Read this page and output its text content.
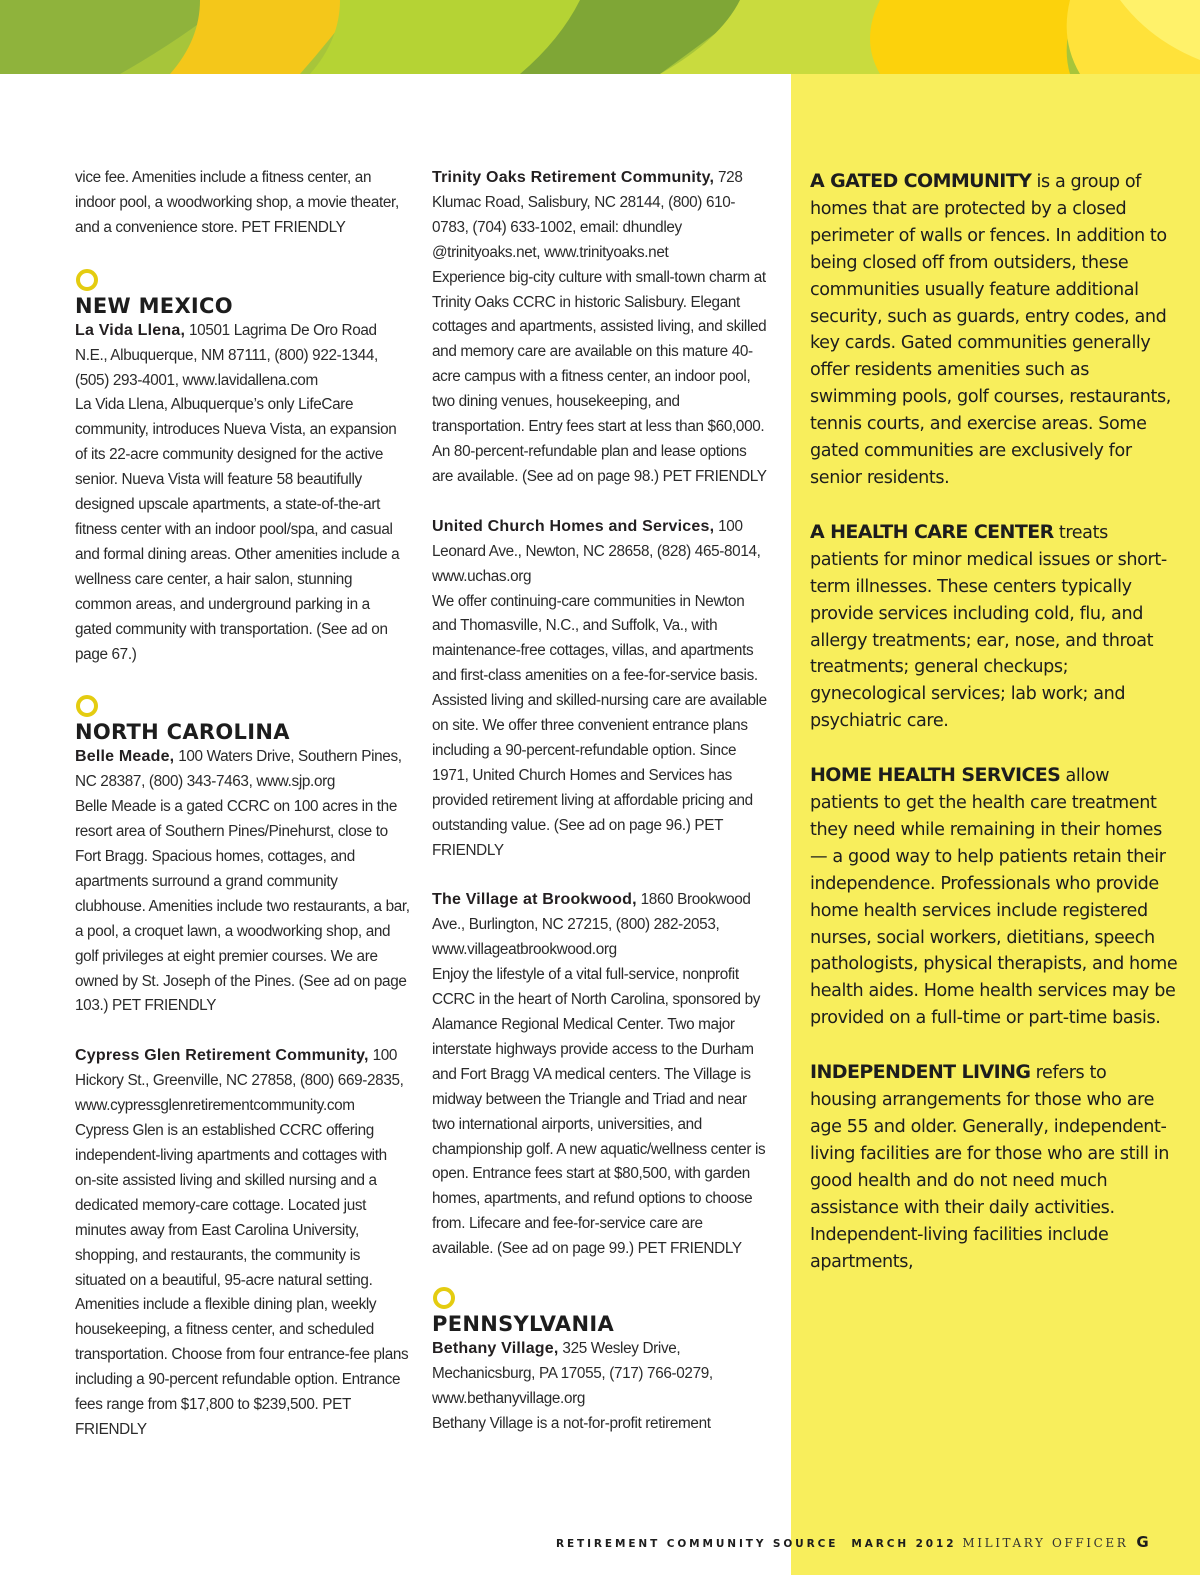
vice fee. Amenities include a fitness center, an indoor pool, a woodworking shop, a movie theater, and a convenience store. PET FRIENDLY

NEW MEXICO

La Vida Llena, 10501 Lagrima De Oro Road N.E., Albuquerque, NM 87111, (800) 922-1344, (505) 293-4001, www.lavidallena.com

La Vida Llena, Albuquerque’s only LifeCare community, introduces Nueva Vista, an expansion of its 22-acre community designed for the active senior. Nueva Vista will feature 58 beautifully designed upscale apartments, a state-of-the-art fitness center with an indoor pool/spa, and casual and formal dining areas. Other amenities include a wellness care center, a hair salon, stunning common areas, and underground parking in a gated community with transportation. (See ad on page 67.)

NORTH CAROLINA

Belle Meade, 100 Waters Drive, Southern Pines, NC 28387, (800) 343-7463, www.sjp.org

Belle Meade is a gated CCRC on 100 acres in the resort area of Southern Pines/Pinehurst, close to Fort Bragg. Spacious homes, cottages, and apartments surround a grand community clubhouse. Amenities include two restaurants, a bar, a pool, a croquet lawn, a woodworking shop, and golf privileges at eight premier courses. We are owned by St. Joseph of the Pines. (See ad on page 103.) PET FRIENDLY

Cypress Glen Retirement Community, 100 Hickory St., Greenville, NC 27858, (800) 669-2835, www.cypressglenretirementcommunity.com

Cypress Glen is an established CCRC offering independent-living apartments and cottages with on-site assisted living and skilled nursing and a dedicated memory-care cottage. Located just minutes away from East Carolina University, shopping, and restaurants, the community is situated on a beautiful, 95-acre natural setting. Amenities include a flexible dining plan, weekly housekeeping, a fitness center, and scheduled transportation. Choose from four entrance-fee plans including a 90-percent refundable option. Entrance fees range from $17,800 to $239,500. PET FRIENDLY

Trinity Oaks Retirement Community, 728 Klumac Road, Salisbury, NC 28144, (800) 610-0783, (704) 633-1002, email: dhundley @trinityoaks.net, www.trinityoaks.net

Experience big-city culture with small-town charm at Trinity Oaks CCRC in historic Salisbury. Elegant cottages and apartments, assisted living, and skilled and memory care are available on this mature 40-acre campus with a fitness center, an indoor pool, two dining venues, housekeeping, and transportation. Entry fees start at less than $60,000. An 80-percent-refundable plan and lease options are available. (See ad on page 98.) PET FRIENDLY

United Church Homes and Services, 100 Leonard Ave., Newton, NC 28658, (828) 465-8014, www.uchas.org

We offer continuing-care communities in Newton and Thomasville, N.C., and Suffolk, Va., with maintenance-free cottages, villas, and apartments and first-class amenities on a fee-for-service basis. Assisted living and skilled-nursing care are available on site. We offer three convenient entrance plans including a 90-percent-refundable option. Since 1971, United Church Homes and Services has provided retirement living at affordable pricing and outstanding value. (See ad on page 96.) PET FRIENDLY

The Village at Brookwood, 1860 Brookwood Ave., Burlington, NC 27215, (800) 282-2053, www.villageatbrookwood.org

Enjoy the lifestyle of a vital full-service, nonprofit CCRC in the heart of North Carolina, sponsored by Alamance Regional Medical Center. Two major interstate highways provide access to the Durham and Fort Bragg VA medical centers. The Village is midway between the Triangle and Triad and near two international airports, universities, and championship golf. A new aquatic/wellness center is open. Entrance fees start at $80,500, with garden homes, apartments, and refund options to choose from. Lifecare and fee-for-service care are available. (See ad on page 99.) PET FRIENDLY

PENNSYLVANIA

Bethany Village, 325 Wesley Drive, Mechanicsburg, PA 17055, (717) 766-0279, www.bethanyvillage.org

Bethany Village is a not-for-profit retirement

A GATED COMMUNITY is a group of homes that are protected by a closed perimeter of walls or fences. In addition to being closed off from outsiders, these communities usually feature additional security, such as guards, entry codes, and key cards. Gated communities generally offer residents amenities such as swimming pools, golf courses, restaurants, tennis courts, and exercise areas. Some gated communities are exclusively for senior residents.

A HEALTH CARE CENTER treats patients for minor medical issues or short-term illnesses. These centers typically provide services including cold, flu, and allergy treatments; ear, nose, and throat treatments; general checkups; gynecological services; lab work; and psychiatric care.

HOME HEALTH SERVICES allow patients to get the health care treatment they need while remaining in their homes — a good way to help patients retain their independence. Professionals who provide home health services include registered nurses, social workers, dietitians, speech pathologists, physical therapists, and home health aides. Home health services may be provided on a full-time or part-time basis.

INDEPENDENT LIVING refers to housing arrangements for those who are age 55 and older. Generally, independent-living facilities are for those who are still in good health and do not need much assistance with their daily activities. Independent-living facilities include apartments,

RETIREMENT COMMUNITY SOURCE  MARCH 2012 MILITARY OFFICER G
